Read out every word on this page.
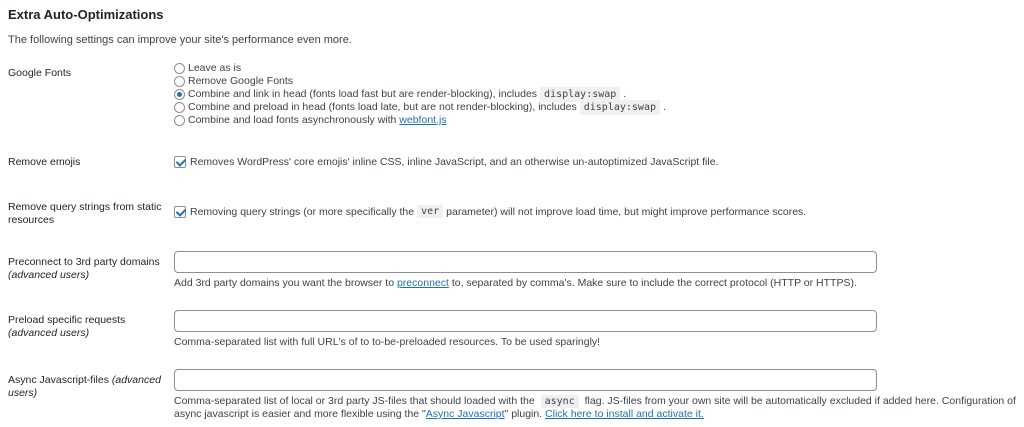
Extra Auto-Optimizations
The following settings can improve your site's performance even more.
Google Fonts	Leave as is
Remove Google Fonts
Combine and link in head (fonts load fast but are render-blocking), includes display:swap .
Combine and preload in head (fonts load late, but are not render-blocking), includes display:swap .
Combine and load fonts asynchronously with
webfont.js
Remove emojis	Removes WordPress' core emojis' inline CSS, inline JavaScript, and an otherwise un-autoptimized JavaScript file.
Remove query strings from static resources
Removing query strings (or more specifically the ver parameter) will not improve load time, but might improve performance scores.
Preconnect to 3rd party domains
(advanced users)
Add 3rd party domains you want the browser to preconnect to, separated by comma's. Make sure to include the correct protocol (HTTP or HTTPS).
Preload specific requests
(advanced users)
Comma-separated list with full URL's of to to-be-preloaded resources. To be used sparingly!
Async Javascript-files (advanced users)
Comma-separated list of local or 3rd party JS-files that should loaded with the async flag. JS-files from your own site will be automatically excluded if added here. Configuration of async javascript is easier and more flexible using the "Async Javascript" plugin. Click here to install and activate it.
